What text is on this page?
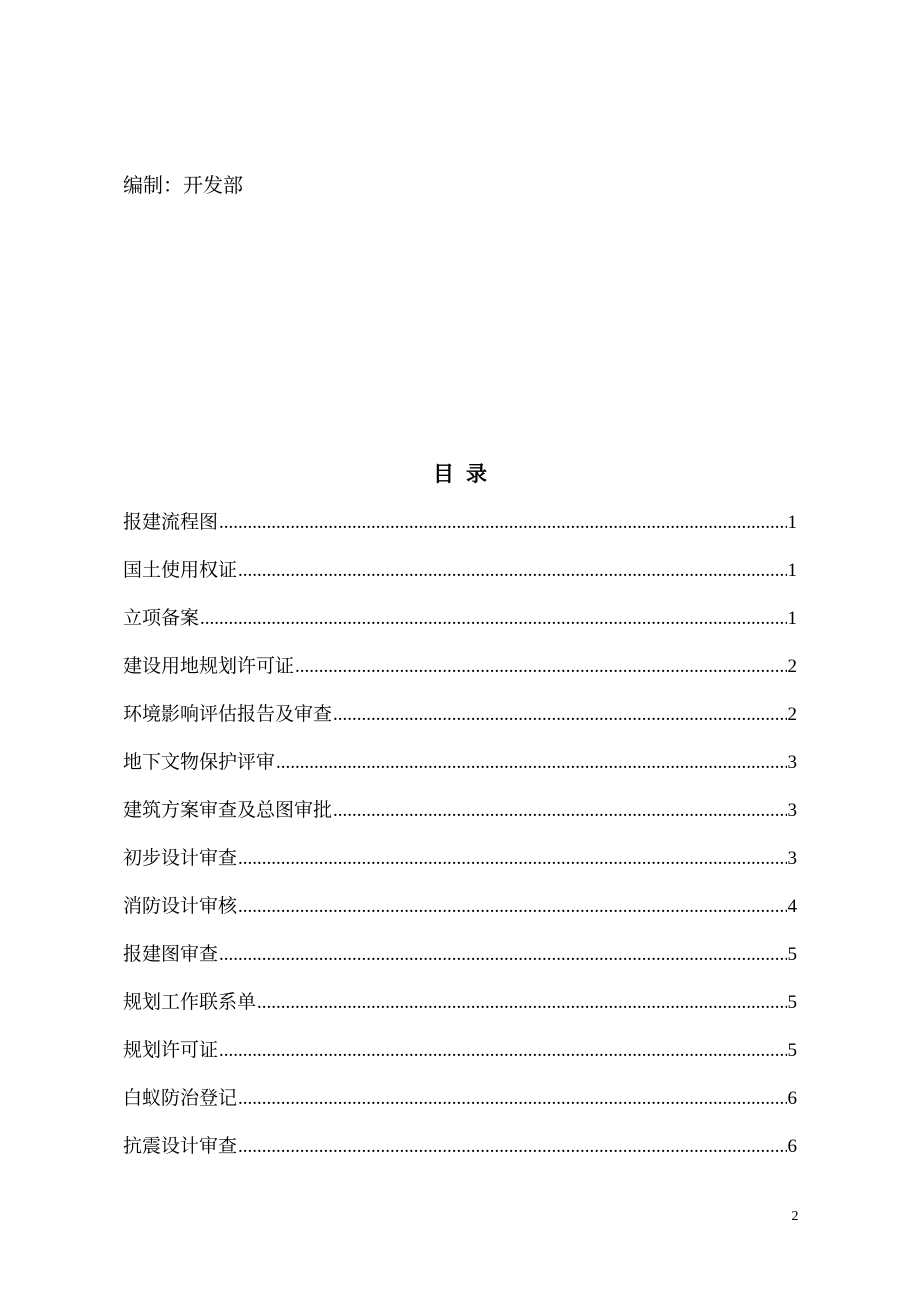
编制：开发部
目录
报建流程图 .....	1
国土使用权证 .....	1
立项备案 .....	1
建设用地规划许可证 .....	2
环境影响评估报告及审查 .....	2
地下文物保护评审 .....	3
建筑方案审查及总图审批 .....	3
初步设计审查 .....	3
消防设计审核 .....	4
报建图审查 .....	5
规划工作联系单 .....	5
规划许可证 .....	5
白蚁防治登记 .....	6
抗震设计审查 .....	6
2
